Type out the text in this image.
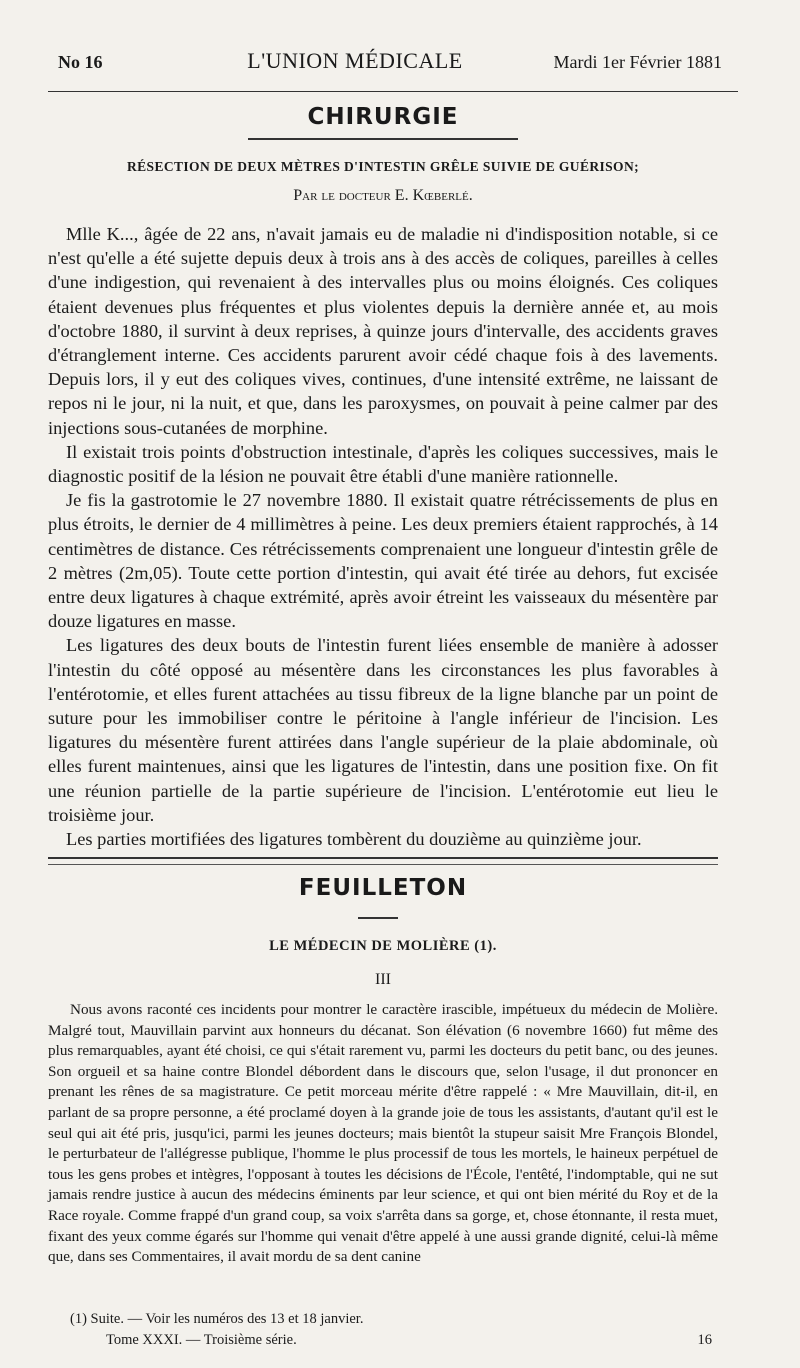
No 16	L'UNION MÉDICALE	Mardi 1er Février 1881
CHIRURGIE
RÉSECTION DE DEUX MÈTRES D'INTESTIN GRÊLE SUIVIE DE GUÉRISON;
Par le docteur E. Kœberlé.

Mlle K..., âgée de 22 ans, n'avait jamais eu de maladie ni d'indisposition notable, si ce n'est qu'elle a été sujette depuis deux à trois ans à des accès de coliques, pareilles à celles d'une indigestion, qui revenaient à des intervalles plus ou moins éloignés. Ces coliques étaient devenues plus fréquentes et plus violentes depuis la dernière année et, au mois d'octobre 1880, il survint à deux reprises, à quinze jours d'intervalle, des accidents graves d'étranglement interne. Ces accidents parurent avoir cédé chaque fois à des lavements. Depuis lors, il y eut des coliques vives, continues, d'une intensité extrême, ne laissant de repos ni le jour, ni la nuit, et que, dans les paroxysmes, on pouvait à peine calmer par des injections sous-cutanées de morphine.

Il existait trois points d'obstruction intestinale, d'après les coliques successives, mais le diagnostic positif de la lésion ne pouvait être établi d'une manière rationnelle.

Je fis la gastrotomie le 27 novembre 1880. Il existait quatre rétrécissements de plus en plus étroits, le dernier de 4 millimètres à peine. Les deux premiers étaient rapprochés, à 14 centimètres de distance. Ces rétrécissements comprenaient une longueur d'intestin grêle de 2 mètres (2m,05). Toute cette portion d'intestin, qui avait été tirée au dehors, fut excisée entre deux ligatures à chaque extrémité, après avoir étreint les vaisseaux du mésentère par douze ligatures en masse.

Les ligatures des deux bouts de l'intestin furent liées ensemble de manière à adosser l'intestin du côté opposé au mésentère dans les circonstances les plus favorables à l'entérotomie, et elles furent attachées au tissu fibreux de la ligne blanche par un point de suture pour les immobiliser contre le péritoine à l'angle inférieur de l'incision. Les ligatures du mésentère furent attirées dans l'angle supérieur de la plaie abdominale, où elles furent maintenues, ainsi que les ligatures de l'intestin, dans une position fixe. On fit une réunion partielle de la partie supérieure de l'incision. L'entérotomie eut lieu le troisième jour.

Les parties mortifiées des ligatures tombèrent du douzième au quinzième jour.

FEUILLETON
LE MÉDECIN DE MOLIÈRE (1).
III

Nous avons raconté ces incidents pour montrer le caractère irascible, impétueux du médecin de Molière. Malgré tout, Mauvillain parvint aux honneurs du décanat. Son élévation (6 novembre 1660) fut même des plus remarquables, ayant été choisi, ce qui s'était rarement vu, parmi les docteurs du petit banc, ou des jeunes. Son orgueil et sa haine contre Blondel débordent dans le discours que, selon l'usage, il dut prononcer en prenant les rênes de sa magistrature. Ce petit morceau mérite d'être rappelé : « Mre Mauvillain, dit-il, en parlant de sa propre personne, a été proclamé doyen à la grande joie de tous les assistants, d'autant qu'il est le seul qui ait été pris, jusqu'ici, parmi les jeunes docteurs; mais bientôt la stupeur saisit Mre François Blondel, le perturbateur de l'allégresse publique, l'homme le plus processif de tous les mortels, le haineux perpétuel de tous les gens probes et intègres, l'opposant à toutes les décisions de l'École, l'entêté, l'indomptable, qui ne sut jamais rendre justice à aucun des médecins éminents par leur science, et qui ont bien mérité du Roy et de la Race royale. Comme frappé d'un grand coup, sa voix s'arrêta dans sa gorge, et, chose étonnante, il resta muet, fixant des yeux comme égarés sur l'homme qui venait d'être appelé à une aussi grande dignité, celui-là même que, dans ses Commentaires, il avait mordu de sa dent canine

(1) Suite. — Voir les numéros des 13 et 18 janvier.
Tome XXXI. — Troisième série.	16
